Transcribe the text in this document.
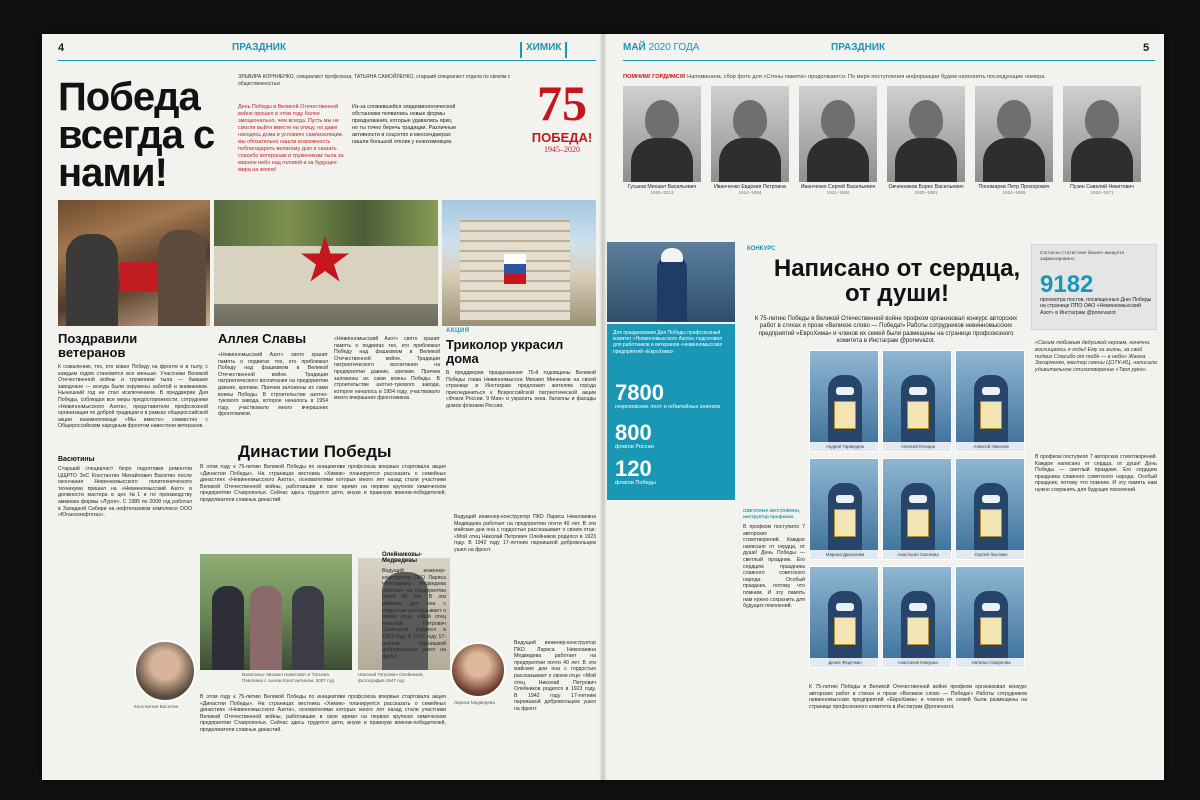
4	ПРАЗДНИК	ХИМИК
Победа всегда с нами!
ЭЛЬВИРА КОРНИЕНКО, специалист профсоюза, ТАТЬЯНА САМОЙЛЕНКО, старший специалист отдела по связям с общественностью
День Победы в Великой Отечественной войне прошел в этом году более эмоционально, чем всегда. Пусть мы не смогли выйти вместе на улицу, но даже находясь дома в условиях самоизоляции, мы обязательно нашли возможность поблагодарить великому дню и сказать спасибо ветеранам и труженикам тыла за мирное небо над головой и за будущее мира на земле!
Из-за сложившейся эпидемиологической обстановки появились новые формы празднования, которые удавались ярко, но ты точно беречь традиции. Различные активности в соцсетях и мессенджерах нашли большой отклик у ензохимовцев.
75
ПОБЕДА!
1945–2020
Поздравили ветеранов
Аллея Славы	АКЦИЯ
Триколор украсил дома
К сожалению, тех, кто ковал Победу на фронте и в тылу, с каждым годом становится все меньше. Участники Великой Отечественной войны и труженики тыла — бывшие заводчане — всегда были окружены заботой и вниманием. Нынешний год не стал исключением. В преддверии Дня Победы, соблюдая все меры предосторожности, сотрудники «Невинномысского Азота», представители профсоюзной организации по доброй традиции и в рамках общероссийской акции взаимопомощи «Мы вместе» совместно с Общероссийским народным фронтом навестили ветеранов.
«Невинномысский Азот» свято хранит память о подвигах тех, кто приближал Победу над фашизмом в Великой Отечественной войне. Традиции патриотического воспитания на предприятии давние, крепкие. Причем заложены их сами воины Победы. В строительстве азотно-тукового завода, которое началось в 1954 году, участвовало много вчерашних фронтовиков.
«Невинномысский Азот» свято хранит память о подвигах тех, кто приближал Победу над фашизмом в Великой Отечественной войне. Традиции патриотического воспитания на предприятии давние, крепкие. Причем заложены их сами воины Победы. В строительстве азотно-тукового завода, которое началось в 1954 году, участвовало много вчерашних фронтовиков.
В преддверии празднования 75-й годовщины Великой Победы глава Невинномысска Михаил Миненков на своей странице в Инстаграм предложил жителям города присоединиться к Всероссийской патриотической акции «Флаги России. 9 Мая» и украсить окна, балконы и фасады домов флагами России.
Династии Победы
В этом году к 75-летию Великой Победы по инициативе профсоюза впервые стартовала акция «Династии Победы». На страницах вестника «Химик» планируется рассказать о семейных династиях «Невинномысского Азота», основателями которых много лет назад стали участники Великой Отечественной войны, работавшие в свое время на первом крупном химическом предприятии Ставрополья. Сейчас здесь трудятся дети, внуки и правнуки воинов-победителей, продолжатели славных династий.
Васютины
Старший специалист бюро подготовки ремонтов ЦЩРТО ЗоС Константин Михайлович Васютин после окончания Невинномысского политехнического техникума пришел на «Невинномысский Азот» в должности мастера в цех №1 и по производству аммиака фирмы «Лурги». С 1985 по 2008 год работал в Западной Сибири на нефтегазовом комплексе ООО «Юганскнефтегаз».
Васютины: Михаил Никитович и Татьяна Павловна с сыном Константином, 2007 год
Николай Петрович Олейников, фотография 1947 год
Константин Васютин
Лариса Медведева
Олейниковы-Медведевы
В этом году к 75-летию Великой Победы по инициативе профсоюза впервые стартовала акция «Династии Победы». На страницах вестника «Химик» планируется рассказать о семейных династиях «Невинномысского Азота», основателями которых много лет назад стали участники Великой Отечественной войны, работавшие в свое время на первом крупном химическом предприятии Ставрополья. Сейчас здесь трудятся дети, внуки и правнуки воинов-победителей, продолжатели славных династий.
Ведущий инженер-конструктор ПКО Лариса Николаевна Медведева работает на предприятии почти 40 лет. В эти майские дни она с гордостью рассказывает о своем отце: «Мой отец Николай Петрович Олейников родился в 1923 году. В 1942 году 17-летним парнишкой добровольцем ушел на фронт.
Ведущий инженер-конструктор ПКО Лариса Николаевна Медведева работает на предприятии почти 40 лет. В эти майские дни она с гордостью рассказывает о своем отце: «Мой отец Николай Петрович Олейников родился в 1923 году. В 1942 году 17-летним парнишкой добровольцем ушел на фронт.
Ведущий инженер-конструктор ПКО Лариса Николаевна Медведева работает на предприятии почти 40 лет. В эти майские дни она с гордостью рассказывает о своем отце: «Мой отец Николай Петрович Олейников родился в 1923 году. В 1942 году 17-летним парнишкой добровольцем ушел на фронт.
МАЙ 2020 ГОДА	ПРАЗДНИК	5
ПОМНИМ! ГОРДИМСЯ! Напоминаем, сбор фото для «Стены памяти» продолжается. По мере поступления информации будем наполнять последующие номера.
Гуськов Михаил Васильевич
1925–2013
Иванченко Евдокия Петровна
1914–1994
Иванченко Сергей Васильевич
1911–1992
Овчинников Борис Васильевич
1920–1991
Пономарев Петр Прохорович
1924–1985
Пузин Савелий Никитович
1924–1971
Для празднования Дня Победы профсоюзный комитет «Невинномысского Азота» подготовил для работников и ветеранов «невинномысских предприятий «ЕвроХима»
7800
георгиевских лент и юбилейных значков
800
флагов России
120
флагов Победы
КОНКУРС
Написано от сердца, от души!
К 75-летию Победы в Великой Отечественной войне профком организовал конкурс авторских работ в стихах и прозе «Великое слово — Победа!» Работы сотрудников невинномысских предприятий «ЕвроХима» и членов их семей были размещены на странице профсоюзного комитета в Инстаграм @ponevazot.
Согласно статистике бизнес-аккаунта зафиксировано
9182
просмотра постов, посвященных Дню Победы на странице ППО ОАО «Невинномысский Азот» в Инстаграм @ponevazot
Андрей Тарвердян	Алексей Клещин	Алексей Никонов
Марина Драганова	Анастасия Скачкова	Сергей Лысякин
Денис Федечкин	Анастасия Кожушко	Наталья Смирнова
СВЕТЛАНА МУСТАФИНА, инструктор профкома
В профком поступило 7 авторских стихотворений. Каждое написано от сердца, от души! День Победы — светлый праздник. Его сердцем праздника славного советского народа. Особый праздник, потому что помним. И эту память нам нужно сохранить для будущих поколений.
К 75-летию Победы в Великой Отечественной войне профком организовал конкурс авторских работ в стихах и прозе «Великое слово — Победа!» Работы сотрудников невинномысских предприятий «ЕвроХима» и членов их семей были размещены на странице профсоюзного комитета в Инстаграм @ponevazot.
«Своим любимым дедушкой-героем, конечно, восхищаюсь я годы! Ему за жизнь, за свой подвиг Спасибо от тебя — в небо» Жанна Захарченко, мастер смены ЦОТК-ИЦ, написала удивительное стихотворение «Твоя рука».
В профком поступило 7 авторских стихотворений. Каждое написано от сердца, от души! День Победы — светлый праздник. Его сердцем праздника славного советского народа. Особый праздник, потому что помним. И эту память нам нужно сохранить для будущих поколений.
